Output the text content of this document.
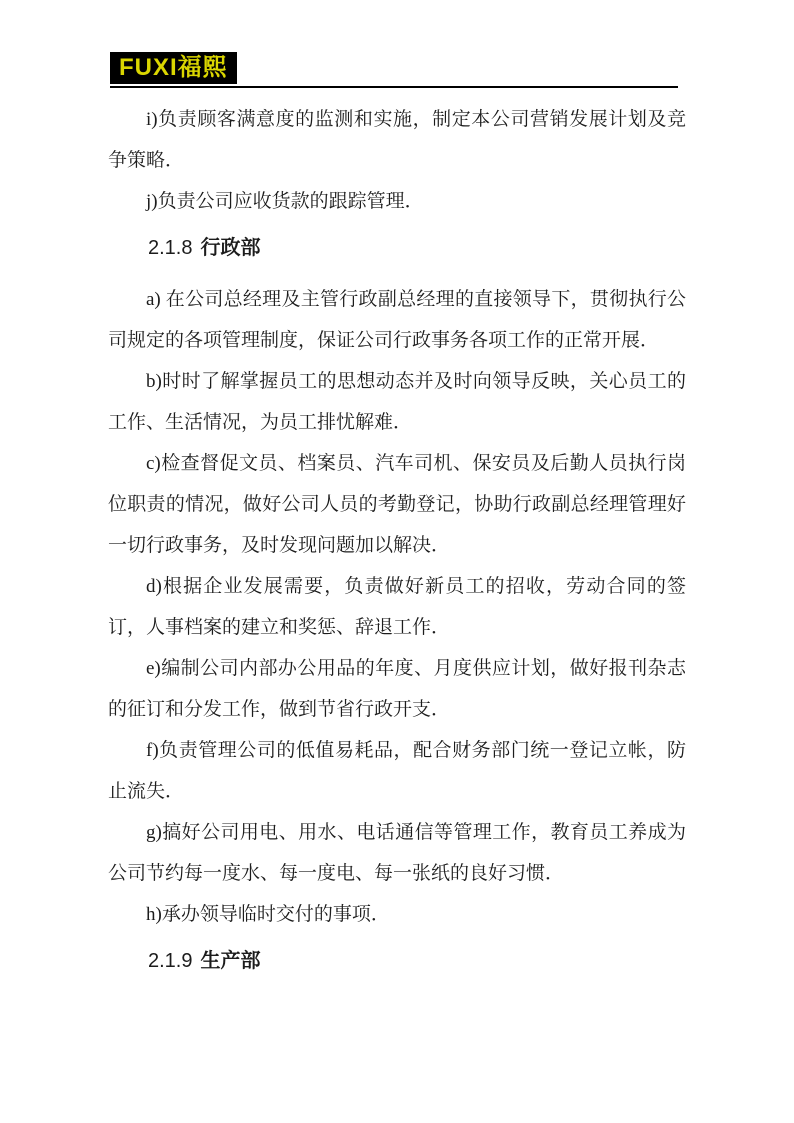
FUXI福熙

i)负责顾客满意度的监测和实施，制定本公司营销发展计划及竞争策略．

j)负责公司应收货款的跟踪管理．

2.1.8 行政部

a) 在公司总经理及主管行政副总经理的直接领导下，贯彻执行公司规定的各项管理制度，保证公司行政事务各项工作的正常开展．

b)时时了解掌握员工的思想动态并及时向领导反映，关心员工的工作、生活情况，为员工排忧解难．

c)检查督促文员、档案员、汽车司机、保安员及后勤人员执行岗位职责的情况，做好公司人员的考勤登记，协助行政副总经理管理好一切行政事务，及时发现问题加以解决．

d)根据企业发展需要，负责做好新员工的招收，劳动合同的签订，人事档案的建立和奖惩、辞退工作．

e)编制公司内部办公用品的年度、月度供应计划，做好报刊杂志的征订和分发工作，做到节省行政开支．

f)负责管理公司的低值易耗品，配合财务部门统一登记立帐，防止流失．

g)搞好公司用电、用水、电话通信等管理工作，教育员工养成为公司节约每一度水、每一度电、每一张纸的良好习惯．

h)承办领导临时交付的事项．

2.1.9 生产部
